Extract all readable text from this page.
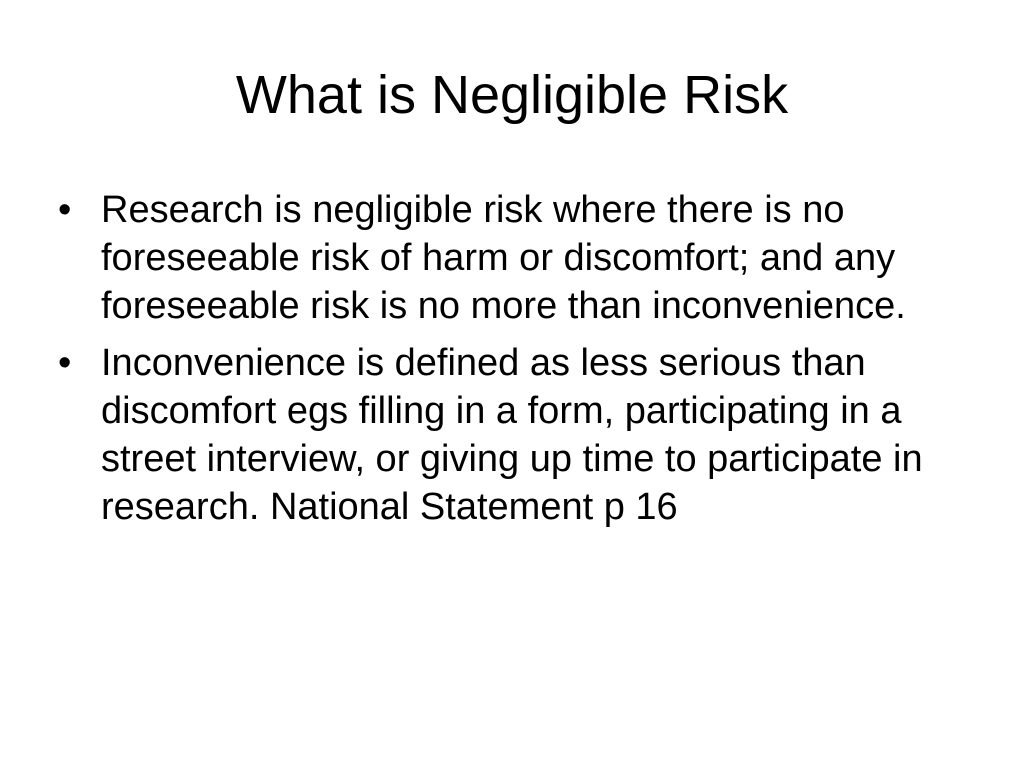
What is Negligible Risk
• Research is negligible risk where there is no foreseeable risk of harm or discomfort; and any foreseeable risk is no more than inconvenience.
• Inconvenience is defined as less serious than discomfort egs filling in a form, participating in a street interview, or giving up time to participate in research. National Statement p 16
